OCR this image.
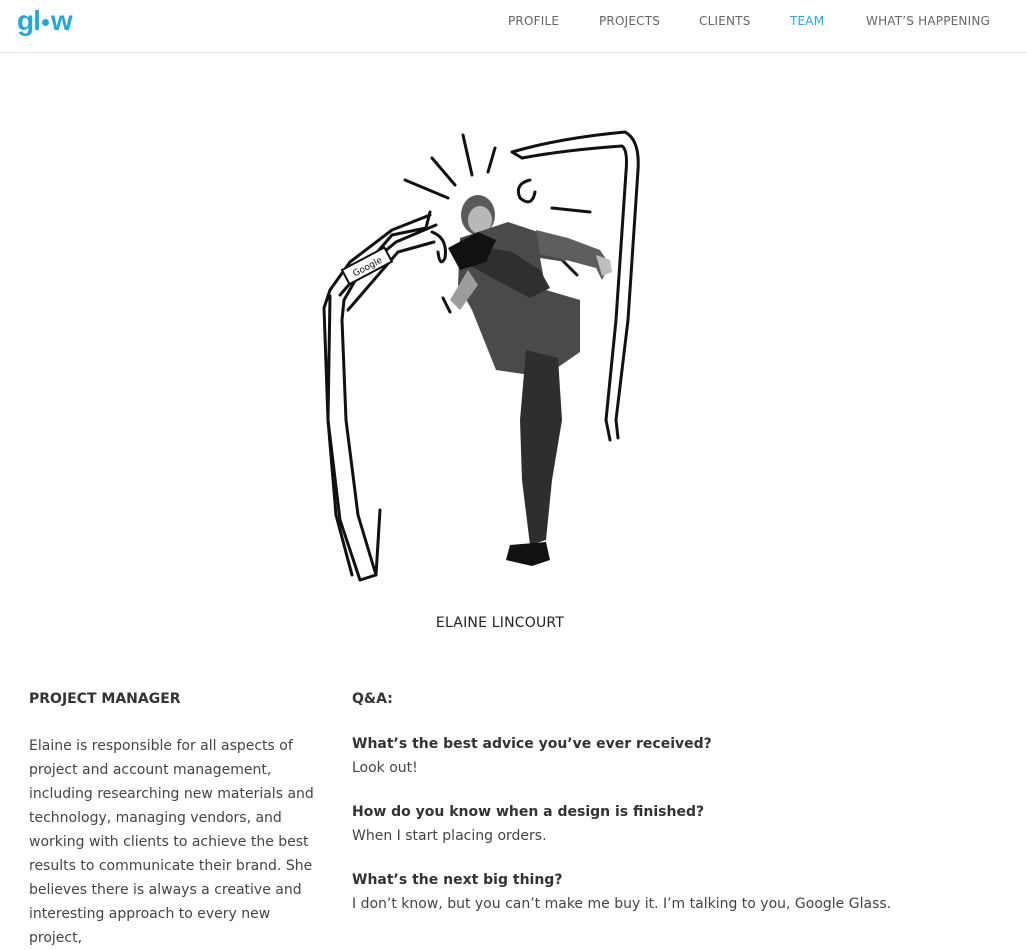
gl w	PROFILE	PROJECTS	CLIENTS	TEAM	WHAT’S HAPPENING
Google
ELAINE LINCOURT
PROJECT MANAGER
Elaine is responsible for all aspects of project and account management, including researching new materials and technology, managing vendors, and working with clients to achieve the best results to communicate their brand. She believes there is always a creative and interesting approach to every new project,
Q&A:
What’s the best advice you’ve ever received?
Look out!
How do you know when a design is finished?
When I start placing orders.
What’s the next big thing?
I don’t know, but you can’t make me buy it. I’m talking to you, Google Glass.
